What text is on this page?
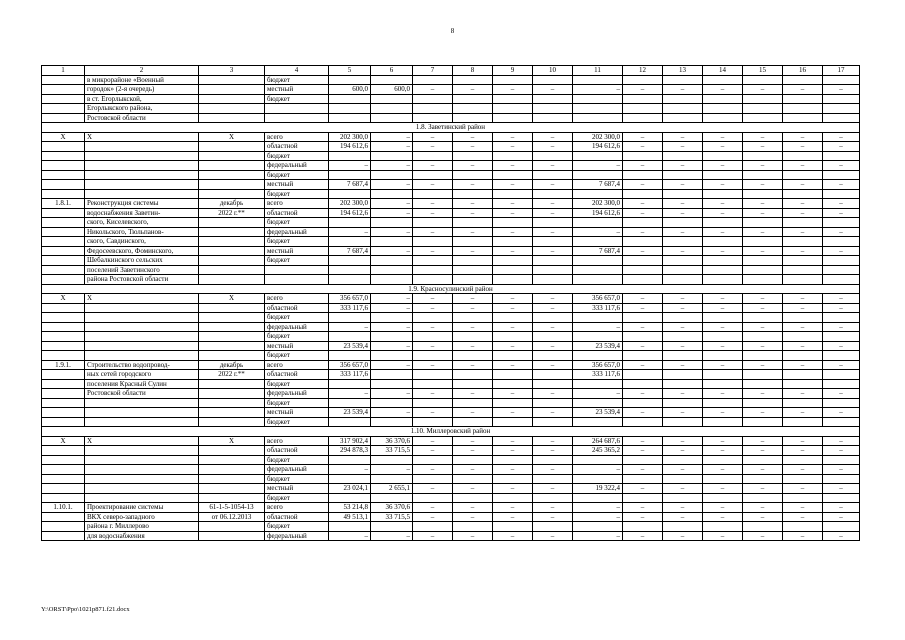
8
1	2	3	4	5	6	7	8	9	10	11	12	13	14	15	16	17
	в микрорайоне «Военный		бюджет													
	городок» (2-я очередь)		местный	600,0	600,0	–	–	–	–	–	–	–	–	–	–	–
	в ст. Егорлыкской,		бюджет													
	Егорлыкского района,															
	Ростовской области															
1.8. Заветинский район																
Х	Х	Х	всего	202 300,0	–	–	–	–	–	202 300,0	–	–	–	–	–	–
			областной	194 612,6	–	–	–	–	–	194 612,6	–	–	–	–	–	–
			бюджет													
			федеральный	–	–	–	–	–	–	–	–	–	–	–	–	–
			бюджет													
			местный	7 687,4	–	–	–	–	–	7 687,4	–	–	–	–	–	–
			бюджет													
1.8.1.	Реконструкция системы	декабрь	всего	202 300,0	–	–	–	–	–	202 300,0	–	–	–	–	–	–
	водоснабжения Заветин-	2022 г.**	областной	194 612,6	–	–	–	–	–	194 612,6	–	–	–	–	–	–
	ского, Киселевского,		бюджет													
	Никольского, Тюльпанов-		федеральный	–	–	–	–	–	–	–	–	–	–	–	–	–
	ского, Савдинского,		бюджет													
	Федосеевского, Фоминского,		местный	7 687,4	–	–	–	–	–	7 687,4	–	–	–	–	–	–
	Шебалкинского сельских		бюджет													
	поселений Заветинского															
	района Ростовской области															
1.9. Красносулинский район																
Х	Х	Х	всего	356 657,0	–	–	–	–	–	356 657,0	–	–	–	–	–	–
			областной	333 117,6	–	–	–	–	–	333 117,6	–	–	–	–	–	–
			бюджет													
			федеральный	–	–	–	–	–	–	–	–	–	–	–	–	–
			бюджет													
			местный	23 539,4	–	–	–	–	–	23 539,4	–	–	–	–	–	–
			бюджет													
1.9.1.	Строительство водопровод-	декабрь	всего	356 657,0	–	–	–	–	–	356 657,0	–	–	–	–	–	–
	ных сетей городского	2022 г.**	областной	333 117,6						333 117,6						
	поселения Красный Сулин		бюджет													
	Ростовской области		федеральный	–	–	–	–	–	–	–	–	–	–	–	–	–
			бюджет													
			местный	23 539,4	–	–	–	–	–	23 539,4	–	–	–	–	–	–
			бюджет													
1.10. Миллеровский район																
Х	Х	Х	всего	317 902,4	36 370,6	–	–	–	–	264 687,6	–	–	–	–	–	–
			областной	294 878,3	33 715,5	–	–	–	–	245 365,2	–	–	–	–	–	–
			бюджет													
			федеральный	–	–	–	–	–	–	–	–	–	–	–	–	–
			бюджет													
			местный	23 024,1	2 655,1	–	–	–	–	19 322,4	–	–	–	–	–	–
			бюджет													
1.10.1.	Проектирование системы	61-1-5-1054-13	всего	53 214,8	36 370,6	–	–	–	–	–	–	–	–	–	–	–
	ВКХ северо-западного	от 06.12.2013	областной	49 513,1	33 715,5	–	–	–	–	–	–	–	–	–	–	–
	района г. Миллерово		бюджет													
	для водоснабжения		федеральный	–	–	–	–	–	–	–	–	–	–	–	–	–
Y:\ORST\Ppo\1021p871.f21.docx
